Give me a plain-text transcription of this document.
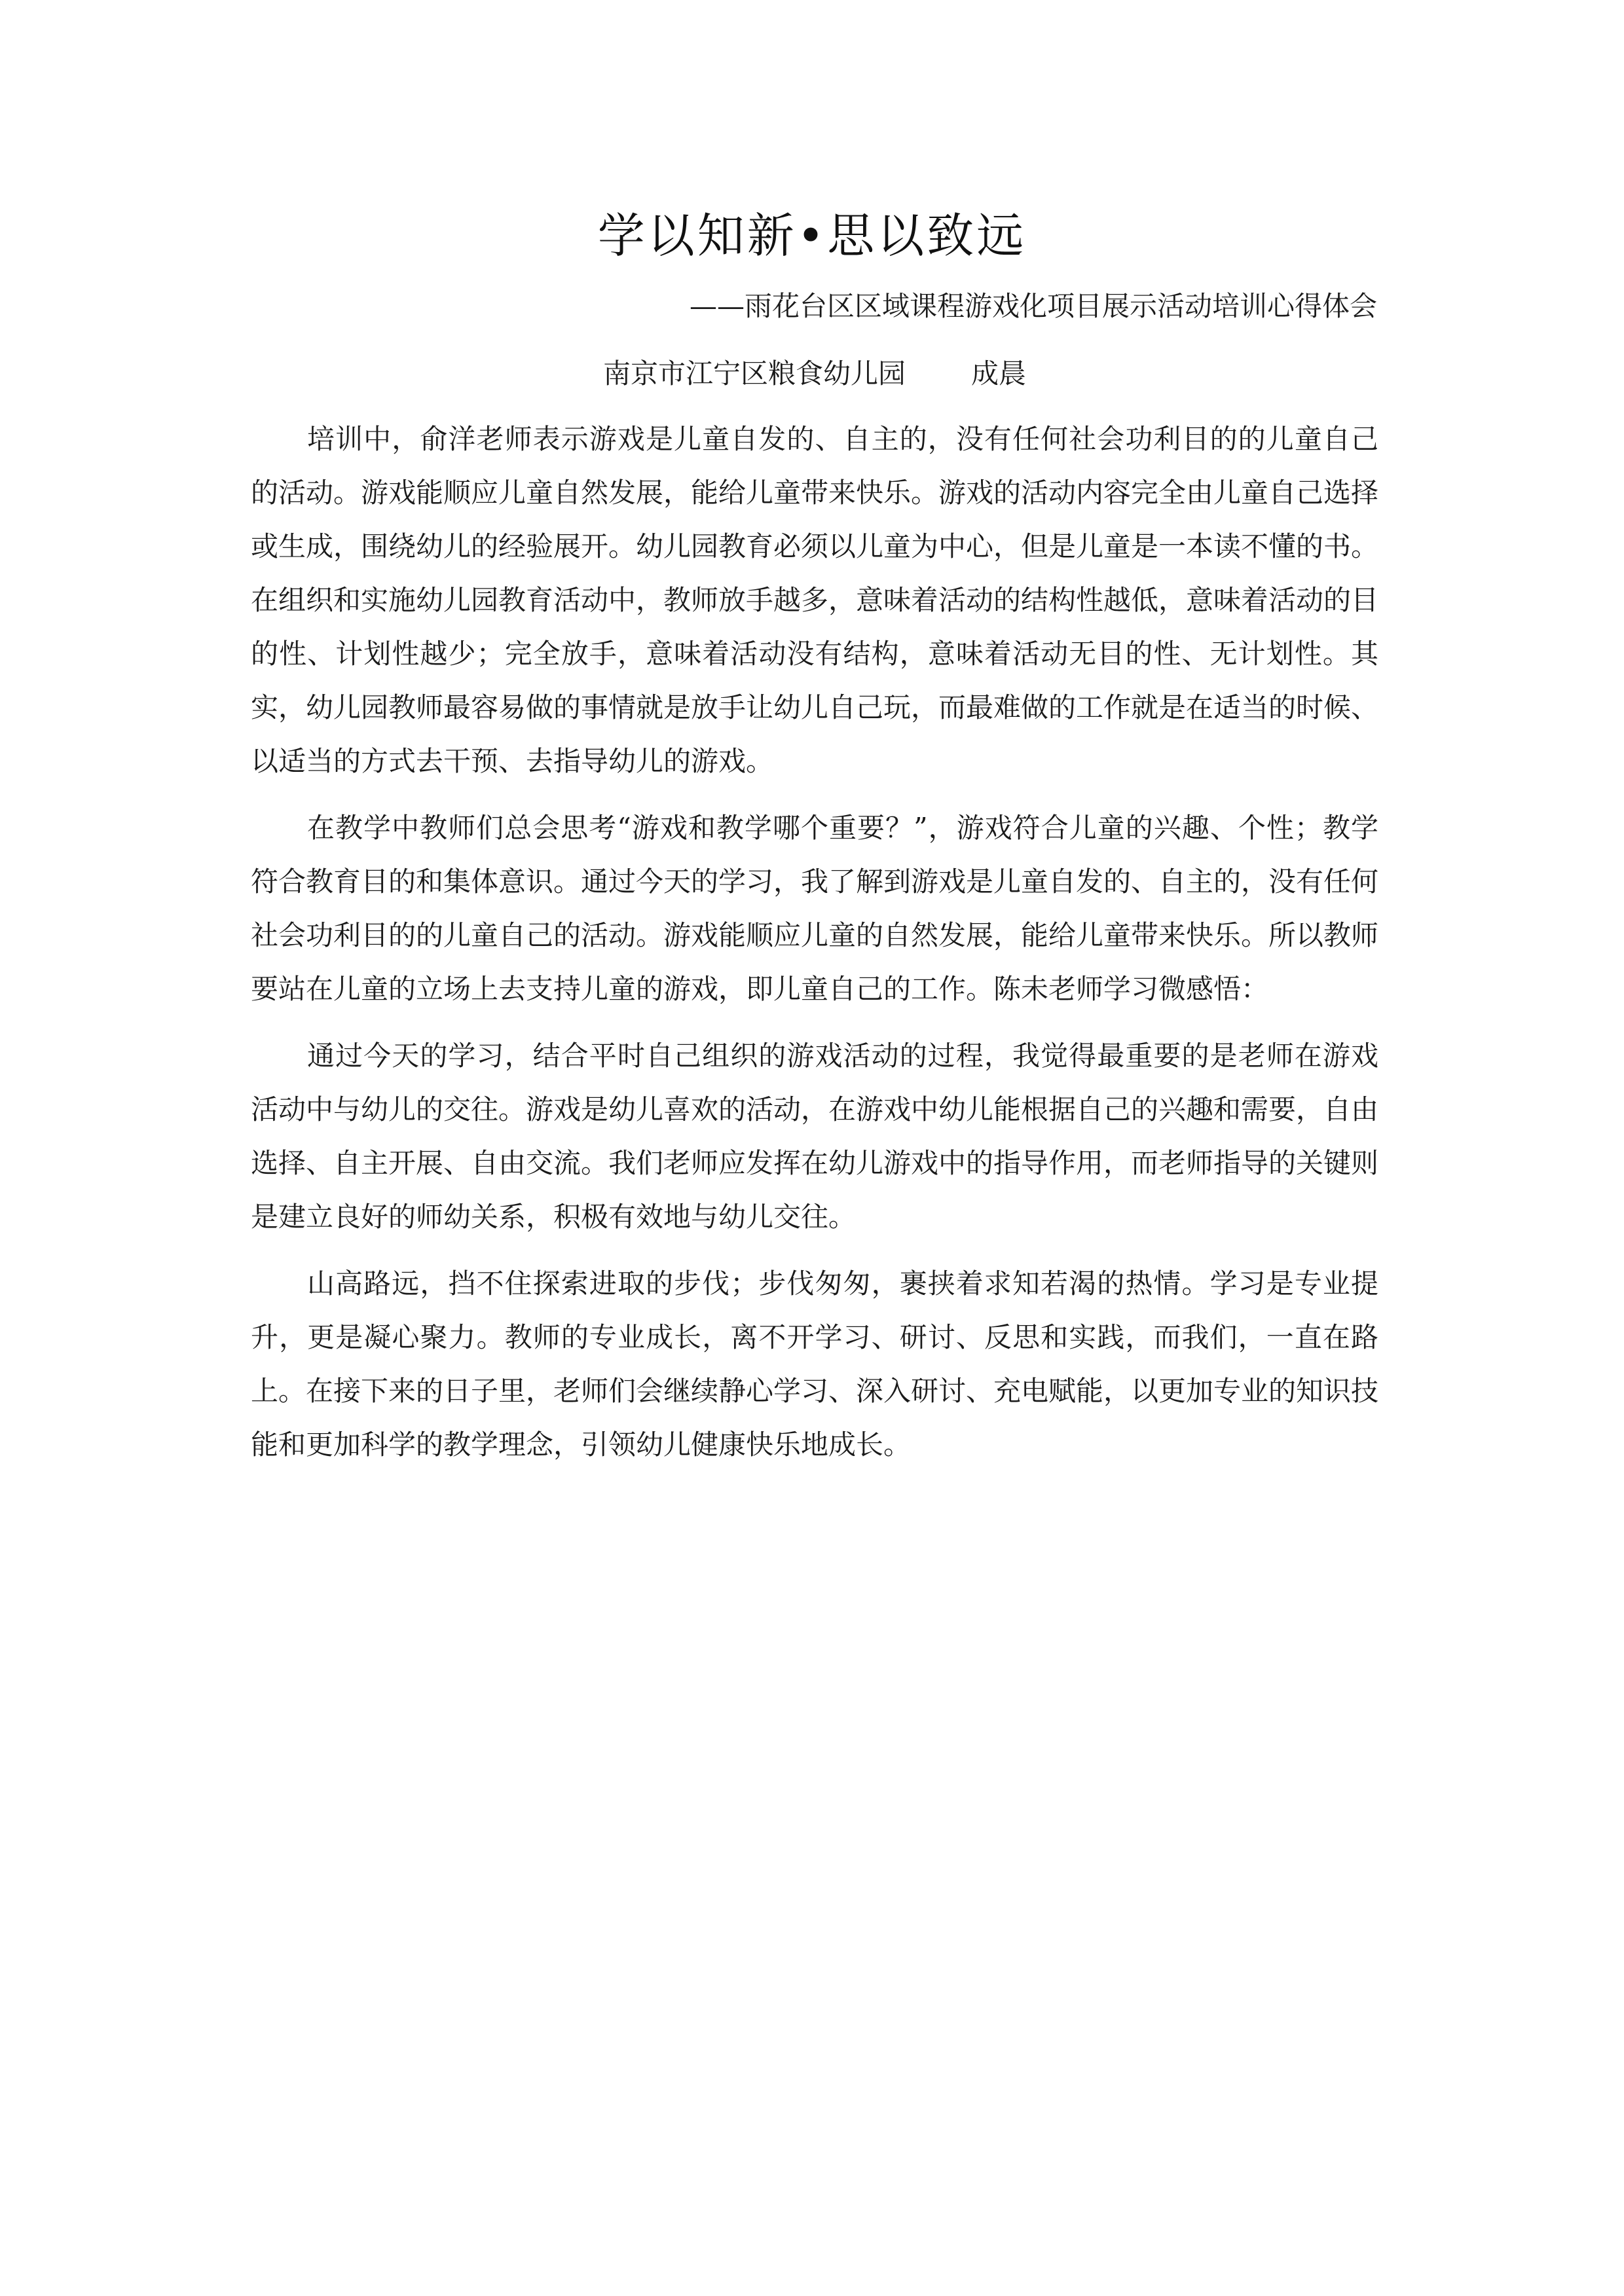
学以知新•思以致远
——雨花台区区域课程游戏化项目展示活动培训心得体会
南京市江宁区粮食幼儿园 成晨

培训中，俞洋老师表示游戏是儿童自发的、自主的，没有任何社会功利目的的儿童自己的活动。游戏能顺应儿童自然发展，能给儿童带来快乐。游戏的活动内容完全由儿童自己选择或生成，围绕幼儿的经验展开。幼儿园教育必须以儿童为中心，但是儿童是一本读不懂的书。在组织和实施幼儿园教育活动中，教师放手越多，意味着活动的结构性越低，意味着活动的目的性、计划性越少；完全放手，意味着活动没有结构，意味着活动无目的性、无计划性。其实，幼儿园教师最容易做的事情就是放手让幼儿自己玩，而最难做的工作就是在适当的时候、以适当的方式去干预、去指导幼儿的游戏。

在教学中教师们总会思考“游戏和教学哪个重要？”，游戏符合儿童的兴趣、个性；教学符合教育目的和集体意识。通过今天的学习，我了解到游戏是儿童自发的、自主的，没有任何社会功利目的的儿童自己的活动。游戏能顺应儿童的自然发展，能给儿童带来快乐。所以教师要站在儿童的立场上去支持儿童的游戏，即儿童自己的工作。陈未老师学习微感悟：

通过今天的学习，结合平时自己组织的游戏活动的过程，我觉得最重要的是老师在游戏活动中与幼儿的交往。游戏是幼儿喜欢的活动，在游戏中幼儿能根据自己的兴趣和需要，自由选择、自主开展、自由交流。我们老师应发挥在幼儿游戏中的指导作用，而老师指导的关键则是建立良好的师幼关系，积极有效地与幼儿交往。

山高路远，挡不住探索进取的步伐；步伐匆匆，裹挟着求知若渴的热情。学习是专业提升，更是凝心聚力。教师的专业成长，离不开学习、研讨、反思和实践，而我们，一直在路上。在接下来的日子里，老师们会继续静心学习、深入研讨、充电赋能，以更加专业的知识技能和更加科学的教学理念，引领幼儿健康快乐地成长。
